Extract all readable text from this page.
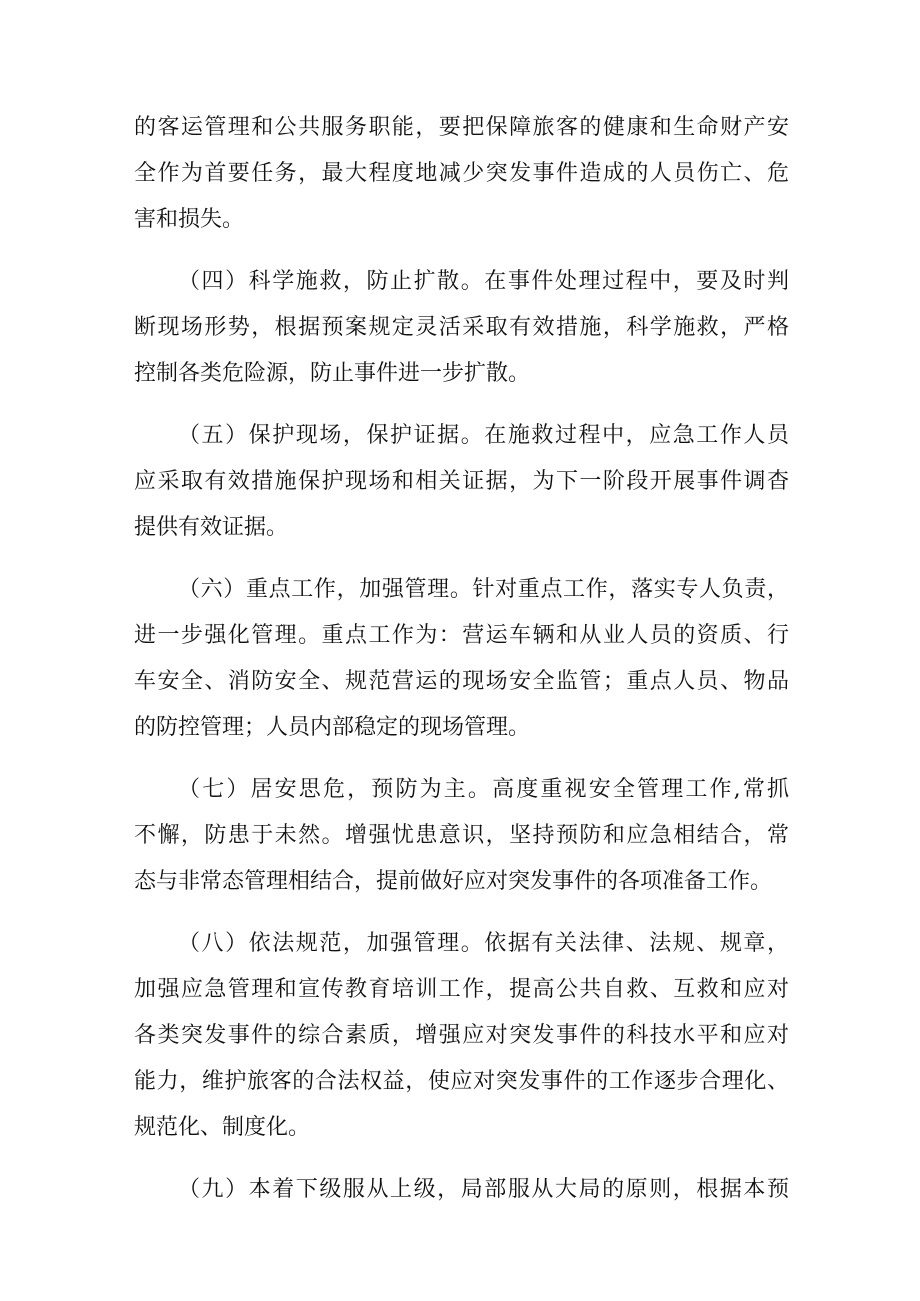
的客运管理和公共服务职能，要把保障旅客的健康和生命财产安
全作为首要任务，最大程度地减少突发事件造成的人员伤亡、危
害和损失。
（四）科学施救，防止扩散。在事件处理过程中，要及时判
断现场形势，根据预案规定灵活采取有效措施，科学施救，严格
控制各类危险源，防止事件进一步扩散。
（五）保护现场，保护证据。在施救过程中，应急工作人员
应采取有效措施保护现场和相关证据，为下一阶段开展事件调杳
提供有效证据。
（六）重点工作，加强管理。针对重点工作，落实专人负责，
进一步强化管理。重点工作为：营运车辆和从业人员的资质、行
车安全、消防安全、规范营运的现场安全监管；重点人员、物品
的防控管理；人员内部稳定的现场管理。
（七）居安思危，预防为主。高度重视安全管理工作,常抓
不懈，防患于未然。增强忧患意识，坚持预防和应急相结合，常
态与非常态管理相结合，提前做好应对突发事件的各项准备工作。
（八）依法规范，加强管理。依据有关法律、法规、规章，
加强应急管理和宣传教育培训工作，提高公共自救、互救和应对
各类突发事件的综合素质，增强应对突发事件的科技水平和应对
能力，维护旅客的合法权益，使应对突发事件的工作逐步合理化、
规范化、制度化。
（九）本着下级服从上级，局部服从大局的原则，根据本预
